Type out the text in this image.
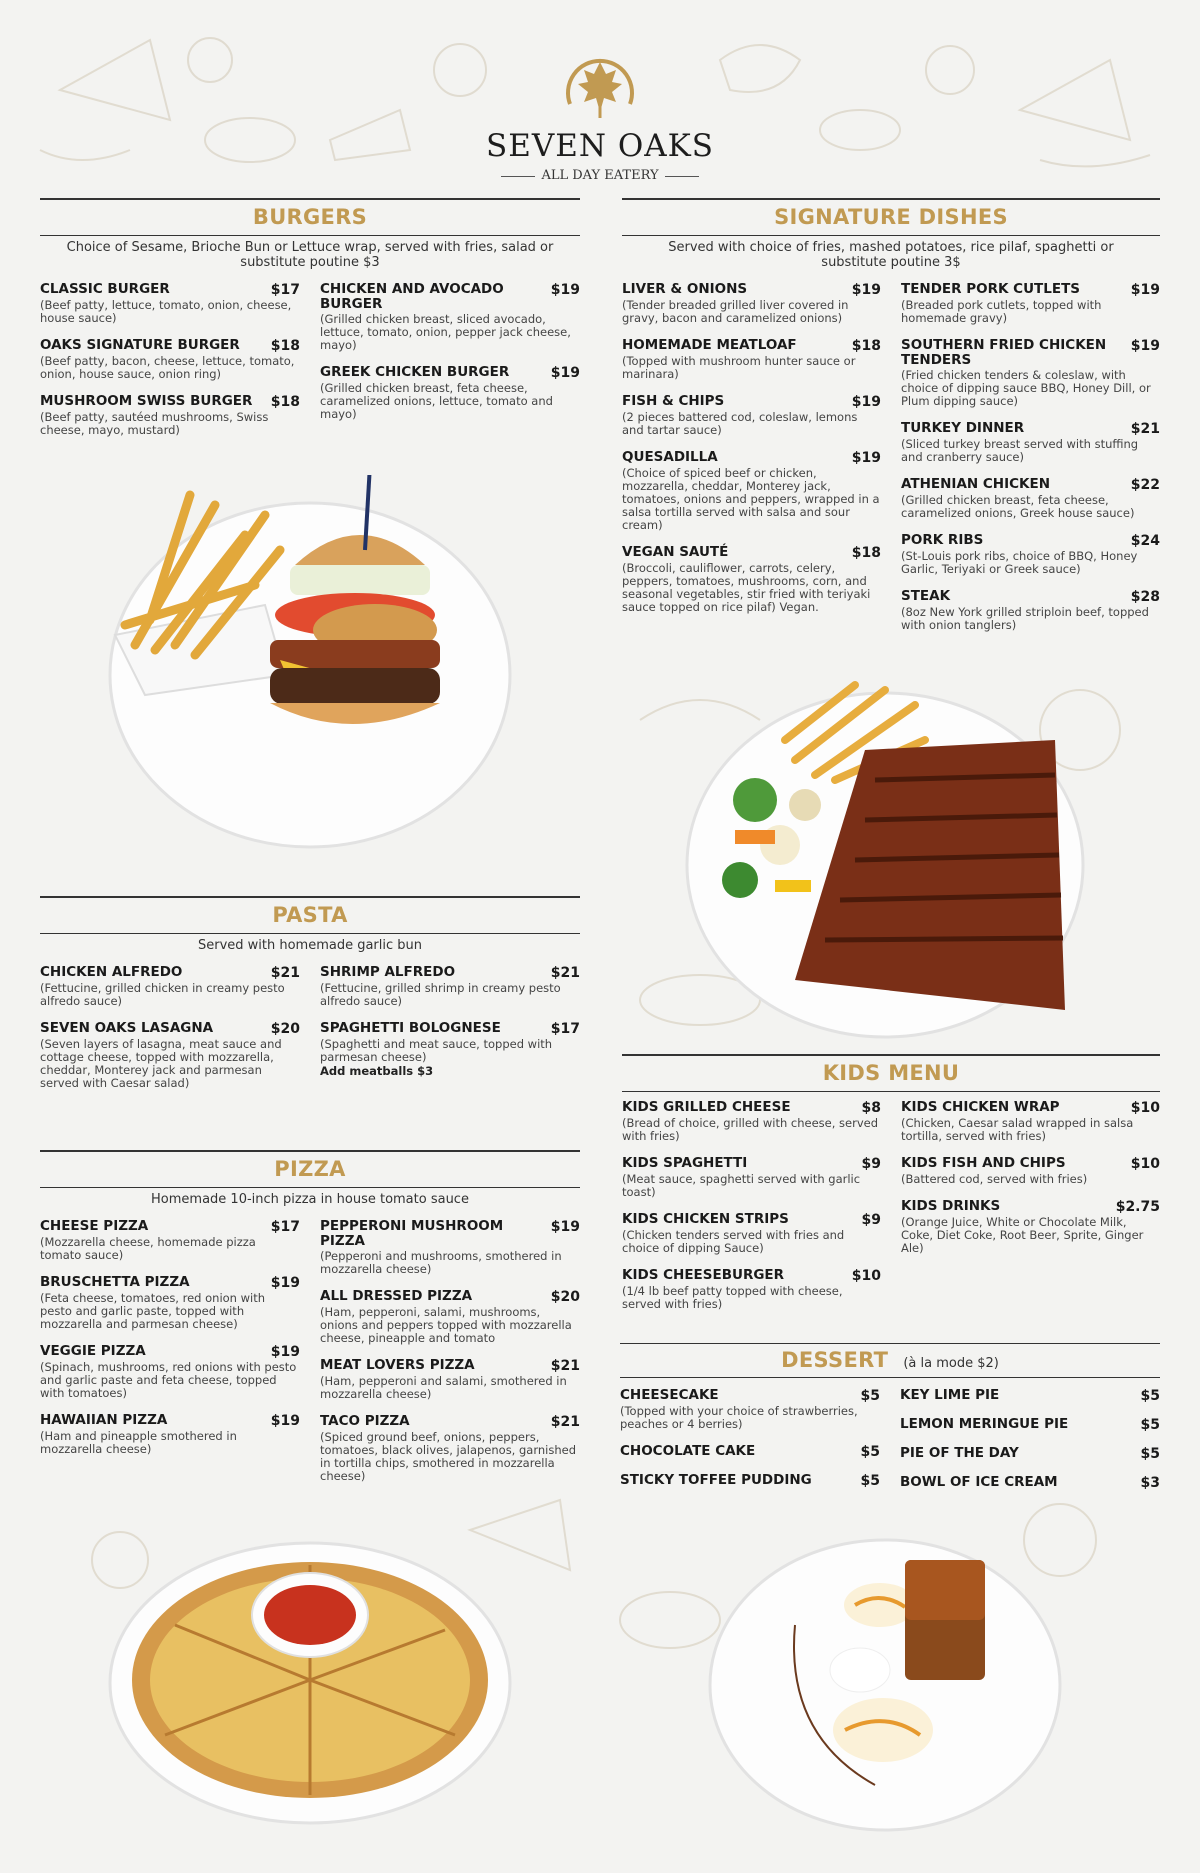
SEVEN OAKS
ALL DAY EATERY
BURGERS
Choice of Sesame, Brioche Bun or Lettuce wrap, served with fries, salad or substitute poutine $3
CLASSIC BURGER	$17
(Beef patty, lettuce, tomato, onion, cheese, house sauce)
OAKS SIGNATURE BURGER $18
(Beef patty, bacon, cheese, lettuce, tomato, onion, house sauce, onion ring)
MUSHROOM SWISS BURGER $18
(Beef patty, sautéed mushrooms, Swiss cheese, mayo, mustard)
CHICKEN AND AVOCADO BURGER
$19
(Grilled chicken breast, sliced avocado, lettuce, tomato, onion, pepper jack cheese, mayo)
GREEK CHICKEN BURGER	$19
(Grilled chicken breast, feta cheese, caramelized onions, lettuce, tomato and mayo)
SIGNATURE DISHES
Served with choice of fries, mashed potatoes, rice pilaf, spaghetti or substitute poutine 3$
LIVER & ONIONS	$19
(Tender breaded grilled liver covered in gravy, bacon and caramelized onions)
HOMEMADE MEATLOAF	$18
(Topped with mushroom hunter sauce or marinara)
FISH & CHIPS	$19
(2 pieces battered cod, coleslaw, lemons and tartar sauce)
QUESADILLA	$19
(Choice of spiced beef or chicken, mozzarella, cheddar, Monterey jack, tomatoes, onions and peppers, wrapped in a salsa tortilla served with salsa and sour cream)
VEGAN SAUTÉ	$18
(Broccoli, cauliflower, carrots, celery, peppers, tomatoes, mushrooms, corn, and seasonal vegetables, stir fried with teriyaki sauce topped on rice pilaf) Vegan.
TENDER PORK CUTLETS	$19
(Breaded pork cutlets, topped with homemade gravy)
SOUTHERN FRIED CHICKEN TENDERS
$19
(Fried chicken tenders & coleslaw, with choice of dipping sauce BBQ, Honey Dill, or Plum dipping sauce)
TURKEY DINNER	$21
(Sliced turkey breast served with stuffing and cranberry sauce)
ATHENIAN CHICKEN	$22
(Grilled chicken breast, feta cheese, caramelized onions, Greek house sauce)
PORK RIBS	$24
(St-Louis pork ribs, choice of BBQ, Honey Garlic, Teriyaki or Greek sauce)
STEAK	$28
(8oz New York grilled striploin beef, topped with onion tanglers)
PASTA
Served with homemade garlic bun
CHICKEN ALFREDO	$21
(Fettucine, grilled chicken in creamy pesto alfredo sauce)
SEVEN OAKS LASAGNA	$20
(Seven layers of lasagna, meat sauce and cottage cheese, topped with mozzarella, cheddar, Monterey jack and parmesan served with Caesar salad)
SHRIMP ALFREDO	$21
(Fettucine, grilled shrimp in creamy pesto alfredo sauce)
SPAGHETTI BOLOGNESE	$17
(Spaghetti and meat sauce, topped with parmesan cheese)
Add meatballs $3
PIZZA
Homemade 10-inch pizza in house tomato sauce
CHEESE PIZZA	$17
(Mozzarella cheese, homemade pizza tomato sauce)
BRUSCHETTA PIZZA	$19
(Feta cheese, tomatoes, red onion with pesto and garlic paste, topped with mozzarella and parmesan cheese)
VEGGIE PIZZA	$19
(Spinach, mushrooms, red onions with pesto and garlic paste and feta cheese, topped with tomatoes)
HAWAIIAN PIZZA	$19
(Ham and pineapple smothered in mozzarella cheese)
PEPPERONI MUSHROOM PIZZA
$19
(Pepperoni and mushrooms, smothered in mozzarella cheese)
ALL DRESSED PIZZA	$20
(Ham, pepperoni, salami, mushrooms, onions and peppers topped with mozzarella cheese, pineapple and tomato
MEAT LOVERS PIZZA	$21
(Ham, pepperoni and salami, smothered in mozzarella cheese)
TACO PIZZA	$21
(Spiced ground beef, onions, peppers, tomatoes, black olives, jalapenos, garnished in tortilla chips, smothered in mozzarella cheese)
KIDS MENU
KIDS GRILLED CHEESE	$8
(Bread of choice, grilled with cheese, served with fries)
KIDS SPAGHETTI	$9
(Meat sauce, spaghetti served with garlic toast)
KIDS CHICKEN STRIPS	$9
(Chicken tenders served with fries and choice of dipping Sauce)
KIDS CHEESEBURGER	$10
(1/4 lb beef patty topped with cheese, served with fries)
KIDS CHICKEN WRAP	$10
(Chicken, Caesar salad wrapped in salsa tortilla, served with fries)
KIDS FISH AND CHIPS	$10
(Battered cod, served with fries)
KIDS DRINKS	$2.75
(Orange Juice, White or Chocolate Milk, Coke, Diet Coke, Root Beer, Sprite, Ginger Ale)
DESSERT (à la mode $2)
CHEESECAKE	$5
(Topped with your choice of strawberries, peaches or 4 berries)
CHOCOLATE CAKE	$5
STICKY TOFFEE PUDDING	$5
KEY LIME PIE	$5
LEMON MERINGUE PIE	$5
PIE OF THE DAY	$5
BOWL OF ICE CREAM	$3
